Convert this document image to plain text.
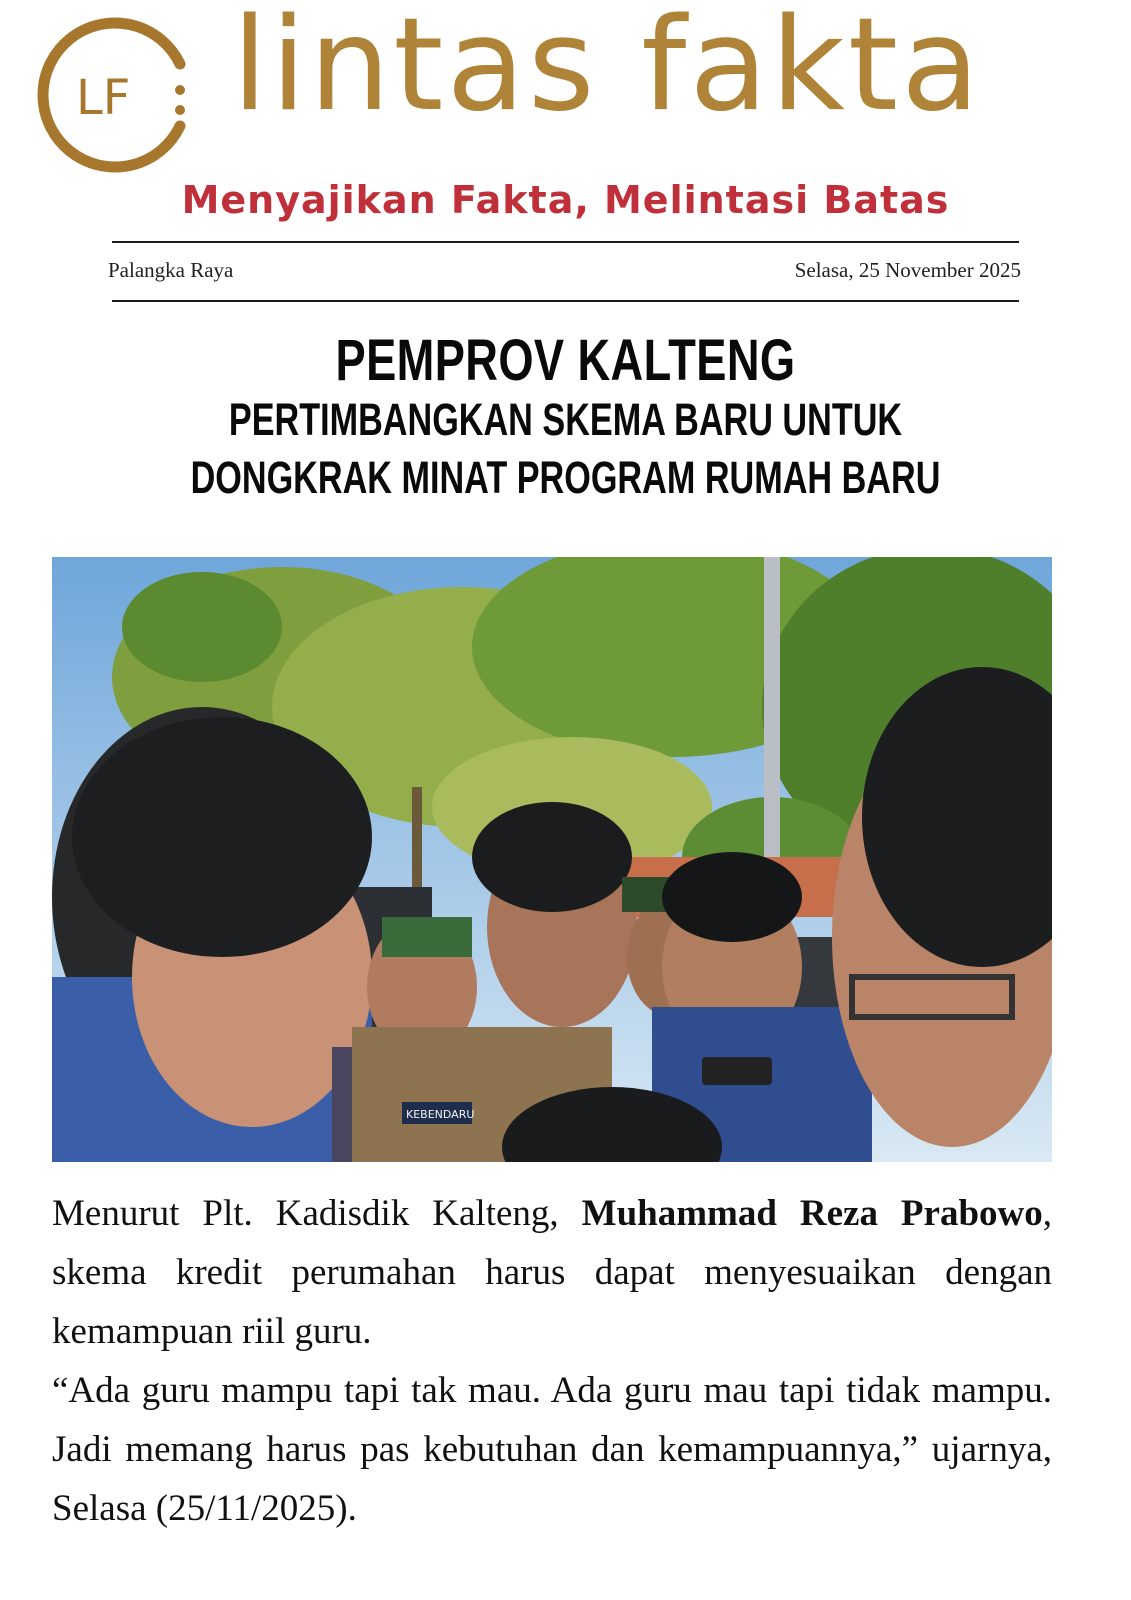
LF lintas fakta
Menyajikan Fakta, Melintasi Batas
Palangka Raya	Selasa, 25 November 2025
PEMPROV KALTENG
PERTIMBANGKAN SKEMA BARU UNTUK
DONGKRAK MINAT PROGRAM RUMAH BARU
KEBENDARU

Menurut Plt. Kadisdik Kalteng, Muhammad Reza Prabowo, skema kredit perumahan harus dapat menyesuaikan dengan kemampuan riil guru.

“Ada guru mampu tapi tak mau. Ada guru mau tapi tidak mampu. Jadi memang harus pas kebutuhan dan kemampuannya,” ujarnya, Selasa (25/11/2025).
